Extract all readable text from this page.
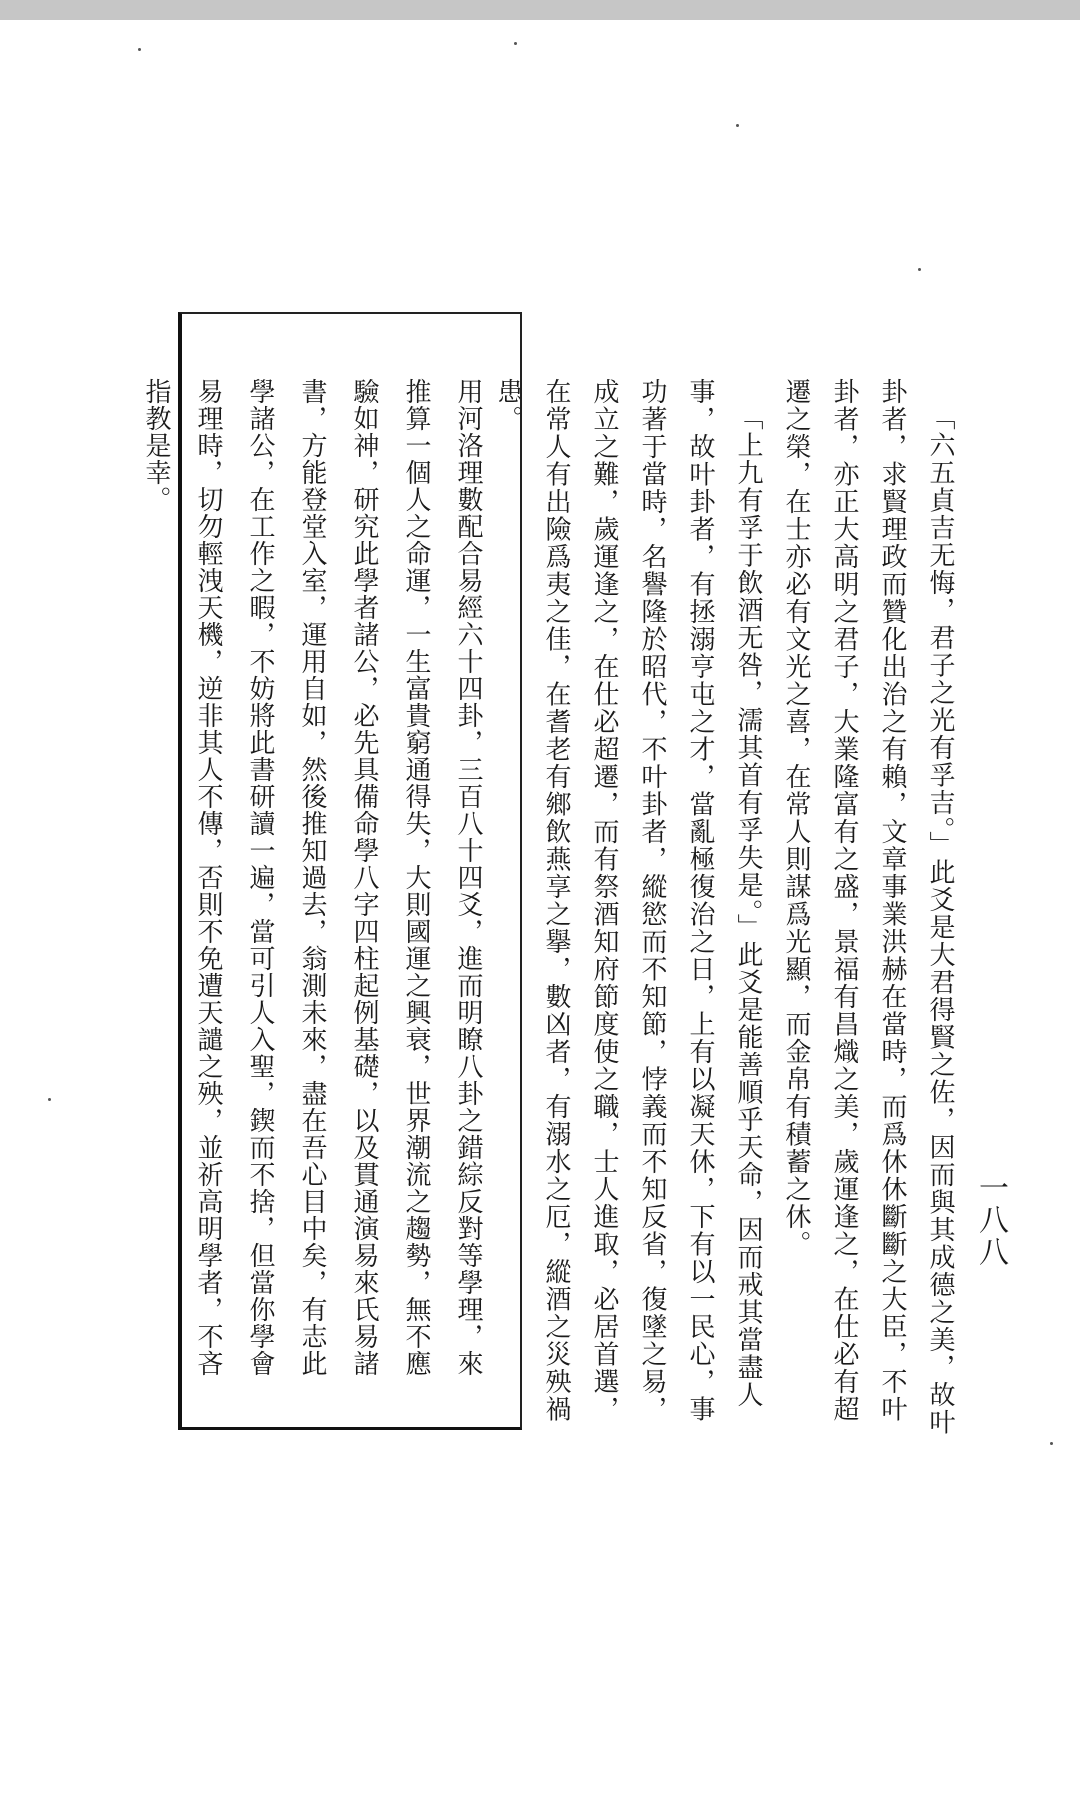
一八八

「六五貞吉无悔，君子之光有孚吉。」此爻是大君得賢之佐，因而與其成德之美，故叶卦者，求賢理政而贊化出治之有賴，文章事業洪赫在當時，而爲休休斷斷之大臣，不叶卦者，亦正大高明之君子，大業隆富有之盛，景福有昌熾之美，歲運逢之，在仕必有超遷之榮，在士亦必有文光之喜，在常人則謀爲光顯，而金帛有積蓄之休。

「上九有孚于飲酒无咎，濡其首有孚失是。」此爻是能善順乎天命，因而戒其當盡人事，故叶卦者，有拯溺亨屯之才，當亂極復治之日，上有以凝天休，下有以一民心，事功著于當時，名譽隆於昭代，不叶卦者，縱慾而不知節，悖義而不知反省，復墜之易，成立之難，歲運逢之，在仕必超遷，而有祭酒知府節度使之職，士人進取，必居首選，在常人有出險爲夷之佳，在耆老有鄉飲燕享之擧，數凶者，有溺水之厄，縱酒之災殃禍患。

用河洛理數配合易經六十四卦，三百八十四爻，進而明瞭八卦之錯綜反對等學理，來推算一個人之命運，一生富貴窮通得失，大則國運之興衰，世界潮流之趨勢，無不應驗如神，研究此學者諸公，必先具備命學八字四柱起例基礎，以及貫通演易來氏易諸書，方能登堂入室，運用自如，然後推知過去，翁測未來，盡在吾心目中矣，有志此學諸公，在工作之暇，不妨將此書研讀一遍，當可引人入聖，鍥而不捨，但當你學會易理時，切勿輕洩天機，逆非其人不傳，否則不免遭天譴之殃，並祈高明學者，不吝指教是幸。
